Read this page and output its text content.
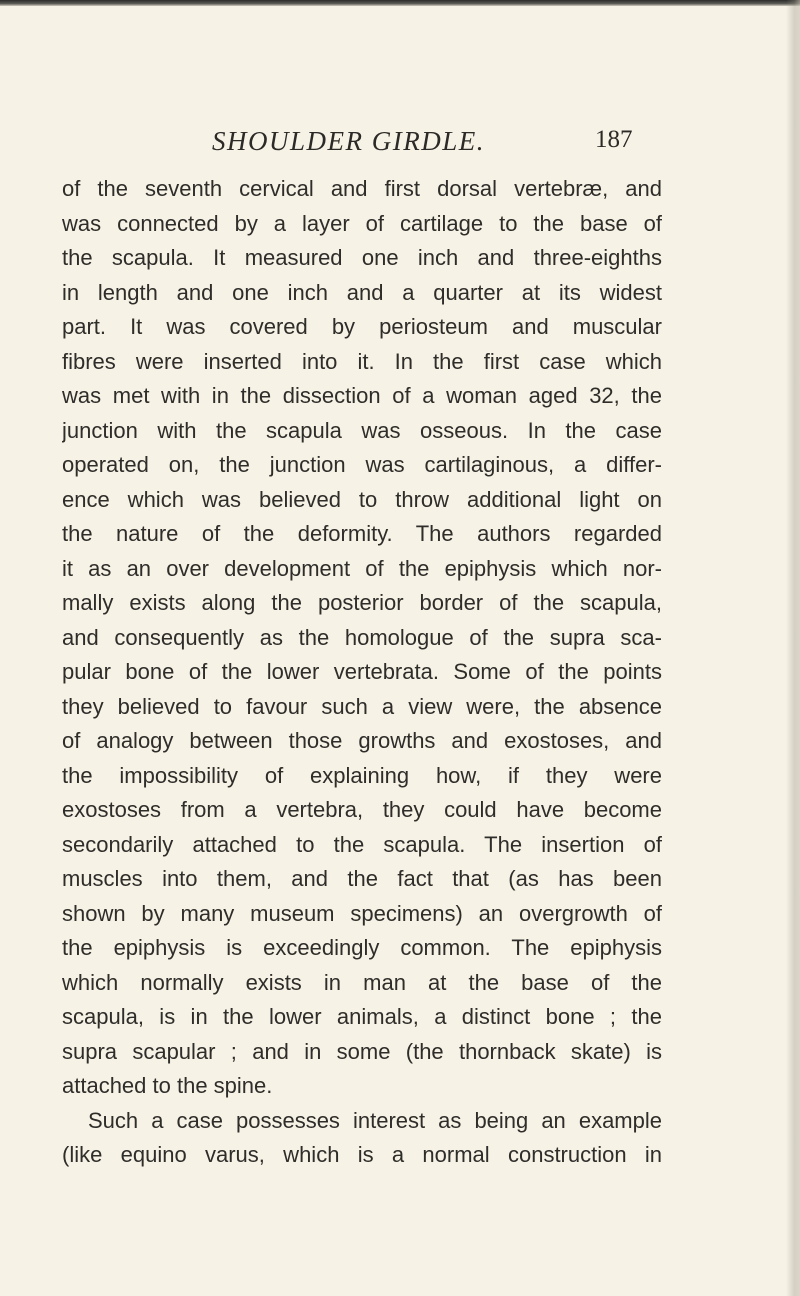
SHOULDER GIRDLE.	187
of the seventh cervical and first dorsal vertebræ, and
was connected by a layer of cartilage to the base of
the scapula. It measured one inch and three-eighths
in length and one inch and a quarter at its widest
part. It was covered by periosteum and muscular
fibres were inserted into it. In the first case which
was met with in the dissection of a woman aged 32, the
junction with the scapula was osseous. In the case
operated on, the junction was cartilaginous, a differ-
ence which was believed to throw additional light on
the nature of the deformity. The authors regarded
it as an over development of the epiphysis which nor-
mally exists along the posterior border of the scapula,
and consequently as the homologue of the supra sca-
pular bone of the lower vertebrata. Some of the points
they believed to favour such a view were, the absence
of analogy between those growths and exostoses, and
the impossibility of explaining how, if they were
exostoses from a vertebra, they could have become
secondarily attached to the scapula. The insertion of
muscles into them, and the fact that (as has been
shown by many museum specimens) an overgrowth of
the epiphysis is exceedingly common. The epiphysis
which normally exists in man at the base of the
scapula, is in the lower animals, a distinct bone ; the
supra scapular ; and in some (the thornback skate) is
attached to the spine.
Such a case possesses interest as being an example
(like equino varus, which is a normal construction in
